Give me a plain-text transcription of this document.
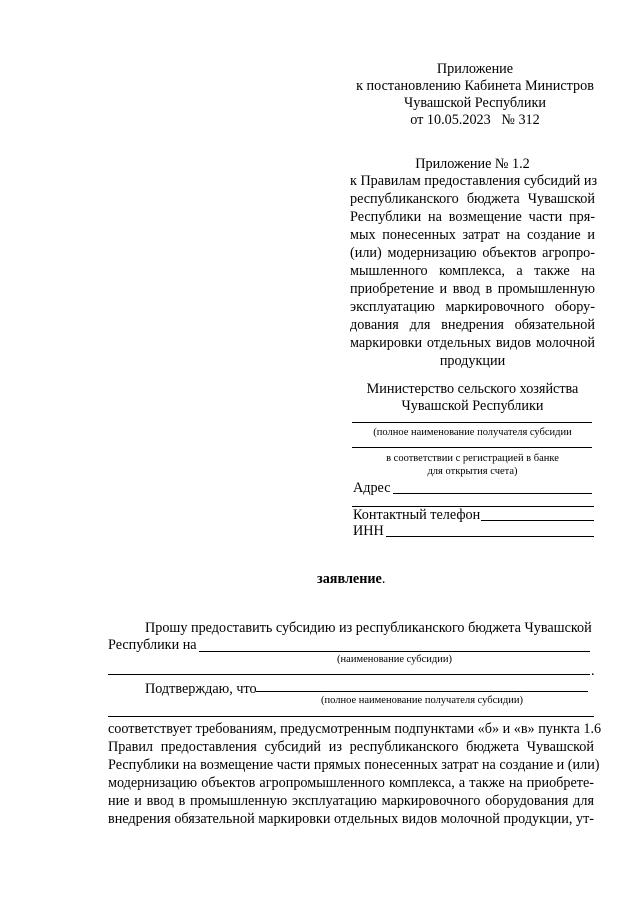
Приложение
к постановлению Кабинета Министров
Чувашской Республики
от 10.05.2023   № 312
Приложение № 1.2
к Правилам предоставления субсидий из
республиканского бюджета Чувашской
Республики на возмещение части пря-
мых понесенных затрат на создание и
(или) модернизацию объектов агропро-
мышленного комплекса, а также на
приобретение и ввод в промышленную
эксплуатацию маркировочного обору-
дования для внедрения обязательной
маркировки отдельных видов молочной
продукции
Министерство сельского хозяйства
Чувашской Республики
(полное наименование получателя субсидии
в соответствии с регистрацией в банке
для открытия счета)
Адрес
Контактный телефон
ИНН
заявление.
Прошу предоставить субсидию из республиканского бюджета Чувашской
Республики на
(наименование субсидии)
.
Подтверждаю, что
(полное наименование получателя субсидии)
соответствует требованиям, предусмотренным подпунктами «б» и «в» пункта 1.6
Правил предоставления субсидий из республиканского бюджета Чувашской
Республики на возмещение части прямых понесенных затрат на создание и (или)
модернизацию объектов агропромышленного комплекса, а также на приобрете-
ние и ввод в промышленную эксплуатацию маркировочного оборудования для
внедрения обязательной маркировки отдельных видов молочной продукции, ут-
